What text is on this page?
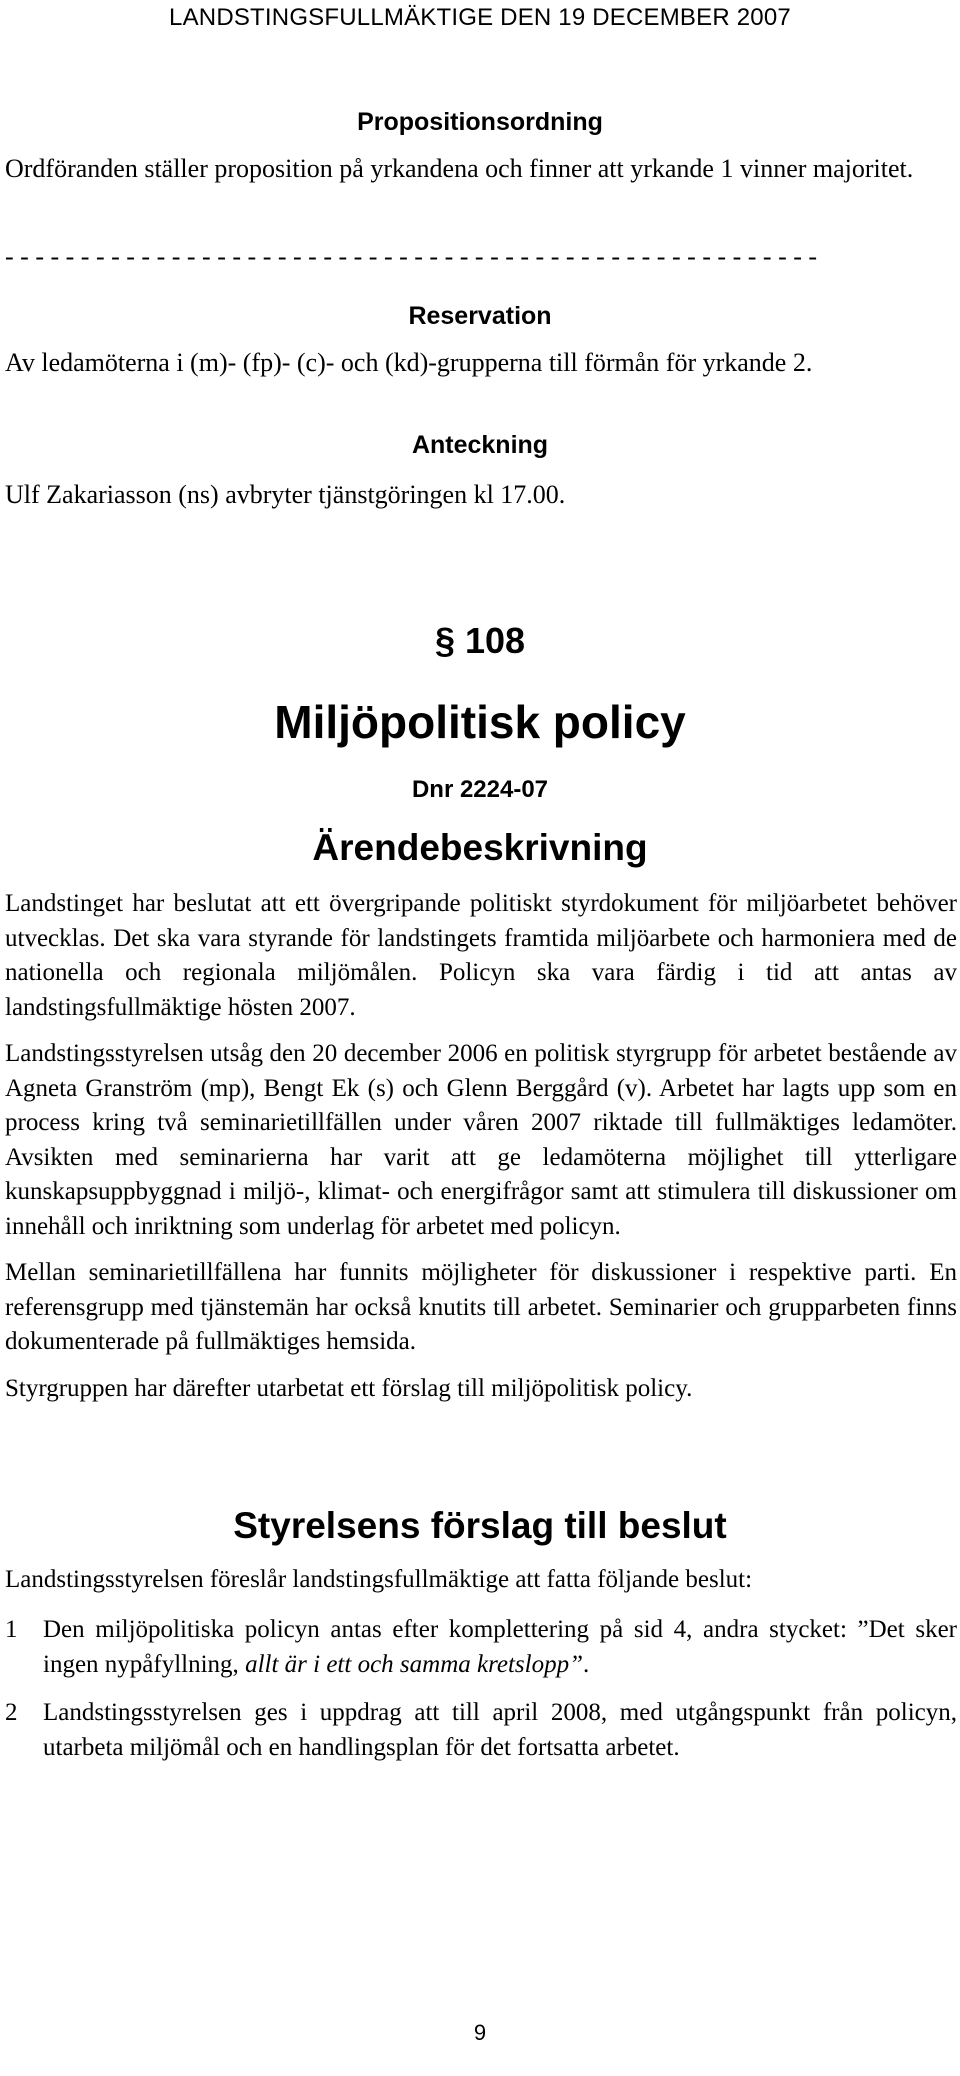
LANDSTINGSFULLMÄKTIGE DEN 19 DECEMBER 2007
Propositionsordning
Ordföranden ställer proposition på yrkandena och finner att yrkande 1 vinner majoritet.
- - - - - - - - - - - - - - - - - - - - - - - - - - - - - - - - - - - - - - - - - - - - - - - - - - - - - -
Reservation
Av ledamöterna i (m)- (fp)- (c)- och (kd)-grupperna till förmån för yrkande 2.
Anteckning
Ulf Zakariasson (ns) avbryter tjänstgöringen kl 17.00.
§ 108
Miljöpolitisk policy
Dnr 2224-07
Ärendebeskrivning

Landstinget har beslutat att ett övergripande politiskt styrdokument för miljöarbetet behöver utvecklas. Det ska vara styrande för landstingets framtida miljöarbete och harmoniera med de nationella och regionala miljömålen. Policyn ska vara färdig i tid att antas av landstingsfullmäktige hösten 2007.

Landstingsstyrelsen utsåg den 20 december 2006 en politisk styrgrupp för arbetet bestående av Agneta Granström (mp), Bengt Ek (s) och Glenn Berggård (v). Arbetet har lagts upp som en process kring två seminarietillfällen under våren 2007 riktade till fullmäktiges ledamöter. Avsikten med seminarierna har varit att ge ledamöterna möjlighet till ytterligare kunskapsuppbyggnad i miljö-, klimat- och energifrågor samt att stimulera till diskussioner om innehåll och inriktning som underlag för arbetet med policyn.

Mellan seminarietillfällena har funnits möjligheter för diskussioner i respektive parti. En referensgrupp med tjänstemän har också knutits till arbetet. Seminarier och grupparbeten finns dokumenterade på fullmäktiges hemsida.

Styrgruppen har därefter utarbetat ett förslag till miljöpolitisk policy.

Styrelsens förslag till beslut
Landstingsstyrelsen föreslår landstingsfullmäktige att fatta följande beslut:
1 Den miljöpolitiska policyn antas efter komplettering på sid 4, andra stycket: ”Det sker ingen nypåfyllning, allt är i ett och samma kretslopp”.
2 Landstingsstyrelsen ges i uppdrag att till april 2008, med utgångspunkt från policyn, utarbeta miljömål och en handlingsplan för det fortsatta arbetet.
9
